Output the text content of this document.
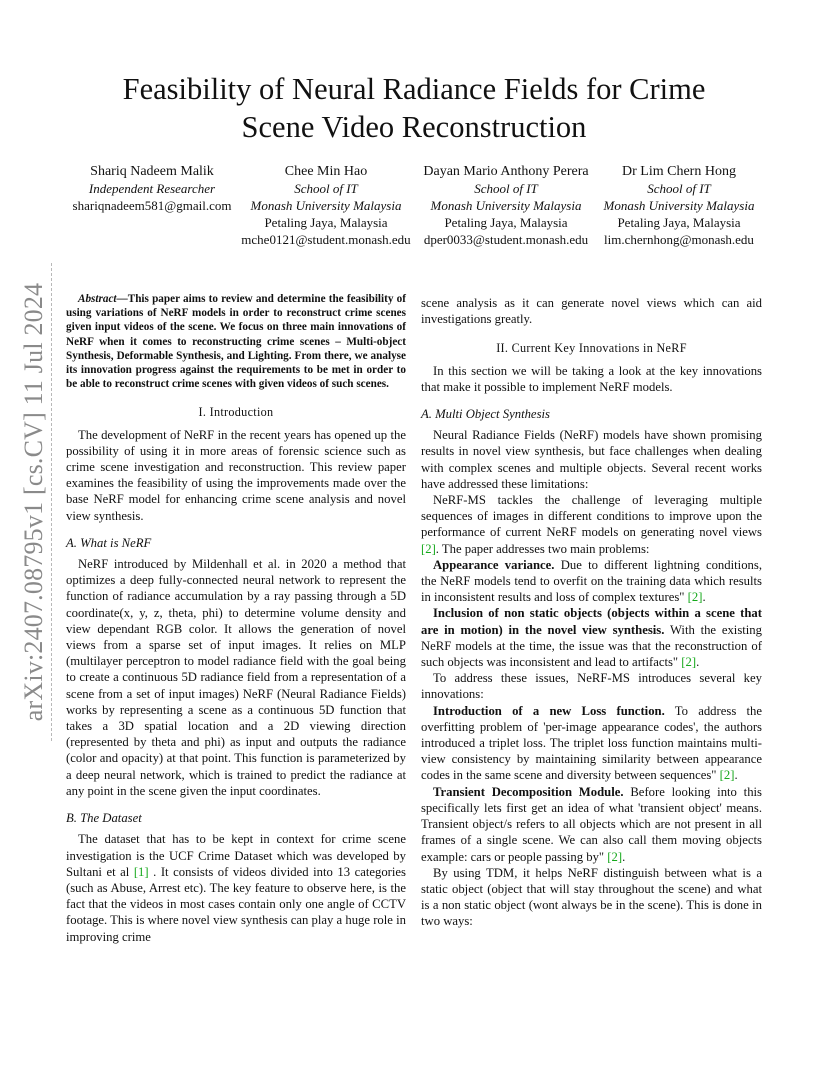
Feasibility of Neural Radiance Fields for Crime
Scene Video Reconstruction
Shariq Nadeem Malik
Independent Researcher
shariqnadeem581@gmail.com
Chee Min Hao
School of IT
Monash University Malaysia
Petaling Jaya, Malaysia
mche0121@student.monash.edu
Dayan Mario Anthony Perera
School of IT
Monash University Malaysia
Petaling Jaya, Malaysia
dper0033@student.monash.edu
Dr Lim Chern Hong
School of IT
Monash University Malaysia
Petaling Jaya, Malaysia
lim.chernhong@monash.edu
arXiv:2407.08795v1 [cs.CV] 11 Jul 2024	Abstract—This paper aims to review and determine the feasibility of using variations of NeRF models in order to reconstruct crime scenes given input videos of the scene. We focus on three main innovations of NeRF when it comes to reconstructing crime scenes – Multi-object Synthesis, Deformable Synthesis, and Lighting. From there, we analyse its innovation progress against the requirements to be met in order to be able to reconstruct crime scenes with given videos of such scenes.

I. Introduction

The development of NeRF in the recent years has opened up the possibility of using it in more areas of forensic science such as crime scene investigation and reconstruction. This review paper examines the feasibility of using the improvements made over the base NeRF model for enhancing crime scene analysis and novel view synthesis.

A. What is NeRF

NeRF introduced by Mildenhall et al. in 2020 a method that optimizes a deep fully-connected neural network to represent the function of radiance accumulation by a ray passing through a 5D coordinate(x, y, z, theta, phi) to determine volume density and view dependant RGB color. It allows the generation of novel views from a sparse set of input images. It relies on MLP (multilayer perceptron to model radiance field with the goal being to create a continuous 5D radiance field from a representation of a scene from a set of input images) NeRF (Neural Radiance Fields) works by representing a scene as a continuous 5D function that takes a 3D spatial location and a 2D viewing direction (represented by theta and phi) as input and outputs the radiance (color and opacity) at that point. This function is parameterized by a deep neural network, which is trained to predict the radiance at any point in the scene given the input coordinates.

B. The Dataset

The dataset that has to be kept in context for crime scene investigation is the UCF Crime Dataset which was developed by Sultani et al [1] . It consists of videos divided into 13 categories (such as Abuse, Arrest etc). The key feature to observe here, is the fact that the videos in most cases contain only one angle of CCTV footage. This is where novel view synthesis can play a huge role in improving crime

scene analysis as it can generate novel views which can aid investigations greatly.

II. Current Key Innovations in NeRF

In this section we will be taking a look at the key innovations that make it possible to implement NeRF models.

A. Multi Object Synthesis

Neural Radiance Fields (NeRF) models have shown promising results in novel view synthesis, but face challenges when dealing with complex scenes and multiple objects. Several recent works have addressed these limitations:

NeRF-MS tackles the challenge of leveraging multiple sequences of images in different conditions to improve upon the performance of current NeRF models on generating novel views [2]. The paper addresses two main problems:

Appearance variance. Due to different lightning conditions, the NeRF models tend to overfit on the training data which results in inconsistent results and loss of complex textures" [2].

Inclusion of non static objects (objects within a scene that are in motion) in the novel view synthesis. With the existing NeRF models at the time, the issue was that the reconstruction of such objects was inconsistent and lead to artifacts" [2].

To address these issues, NeRF-MS introduces several key innovations:

Introduction of a new Loss function. To address the overfitting problem of 'per-image appearance codes', the authors introduced a triplet loss. The triplet loss function maintains multi-view consistency by maintaining similarity between appearance codes in the same scene and diversity between sequences" [2].

Transient Decomposition Module. Before looking into this specifically lets first get an idea of what 'transient object' means. Transient object/s refers to all objects which are not present in all frames of a single scene. We can also call them moving objects example: cars or people passing by" [2].

By using TDM, it helps NeRF distinguish between what is a static object (object that will stay throughout the scene) and what is a non static object (wont always be in the scene). This is done in two ways:
